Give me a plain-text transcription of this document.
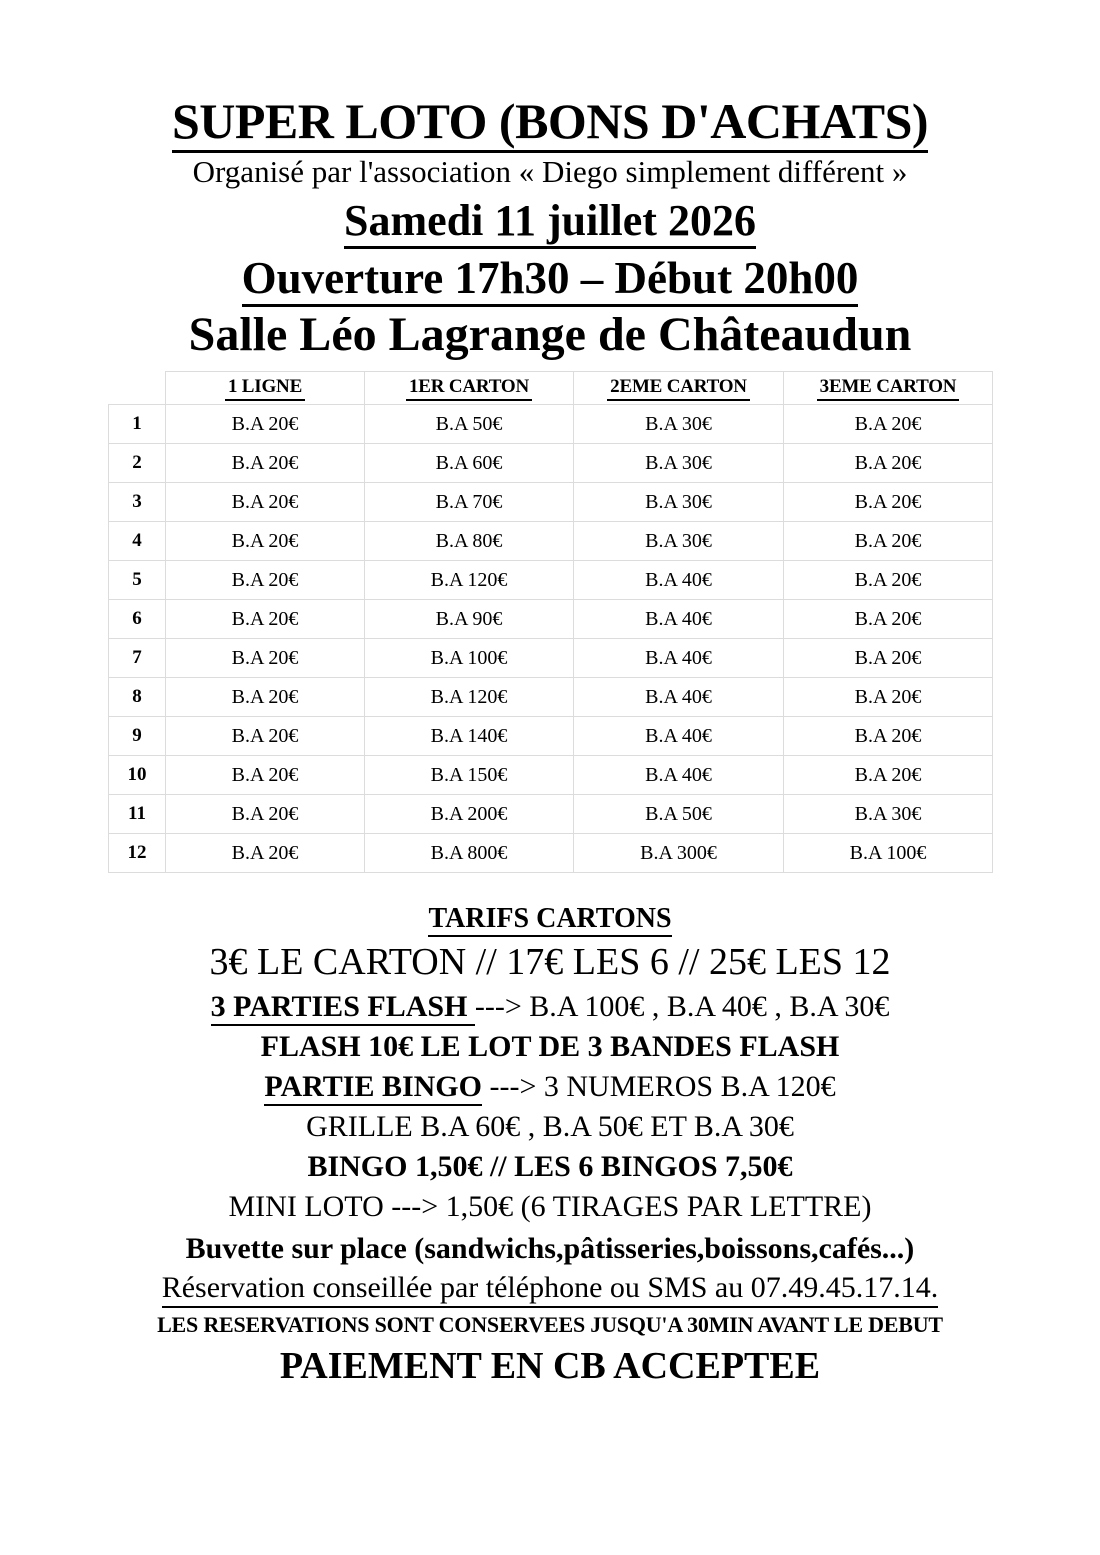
SUPER LOTO (BONS D'ACHATS)
Organisé par l'association « Diego simplement différent »
Samedi 11 juillet 2026
Ouverture 17h30 – Début 20h00
Salle Léo Lagrange de Châteaudun
	1 LIGNE	1ER CARTON	2EME CARTON	3EME CARTON
1	B.A 20€	B.A 50€	B.A 30€	B.A 20€
2	B.A 20€	B.A 60€	B.A 30€	B.A 20€
3	B.A 20€	B.A 70€	B.A 30€	B.A 20€
4	B.A 20€	B.A 80€	B.A 30€	B.A 20€
5	B.A 20€	B.A 120€	B.A 40€	B.A 20€
6	B.A 20€	B.A 90€	B.A 40€	B.A 20€
7	B.A 20€	B.A 100€	B.A 40€	B.A 20€
8	B.A 20€	B.A 120€	B.A 40€	B.A 20€
9	B.A 20€	B.A 140€	B.A 40€	B.A 20€
10	B.A 20€	B.A 150€	B.A 40€	B.A 20€
11	B.A 20€	B.A 200€	B.A 50€	B.A 30€
12	B.A 20€	B.A 800€	B.A 300€	B.A 100€
TARIFS CARTONS
3€ LE CARTON // 17€ LES 6 // 25€ LES 12
3 PARTIES FLASH ---> B.A 100€ , B.A 40€ , B.A 30€
FLASH 10€ LE LOT DE 3 BANDES FLASH
PARTIE BINGO ---> 3 NUMEROS B.A 120€
GRILLE B.A 60€ , B.A 50€ ET B.A 30€
BINGO 1,50€ // LES 6 BINGOS 7,50€
MINI LOTO ---> 1,50€ (6 TIRAGES PAR LETTRE)
Buvette sur place (sandwichs,pâtisseries,boissons,cafés...)
Réservation conseillée par téléphone ou SMS au 07.49.45.17.14.
LES RESERVATIONS SONT CONSERVEES JUSQU'A 30MIN AVANT LE DEBUT
PAIEMENT EN CB ACCEPTEE
